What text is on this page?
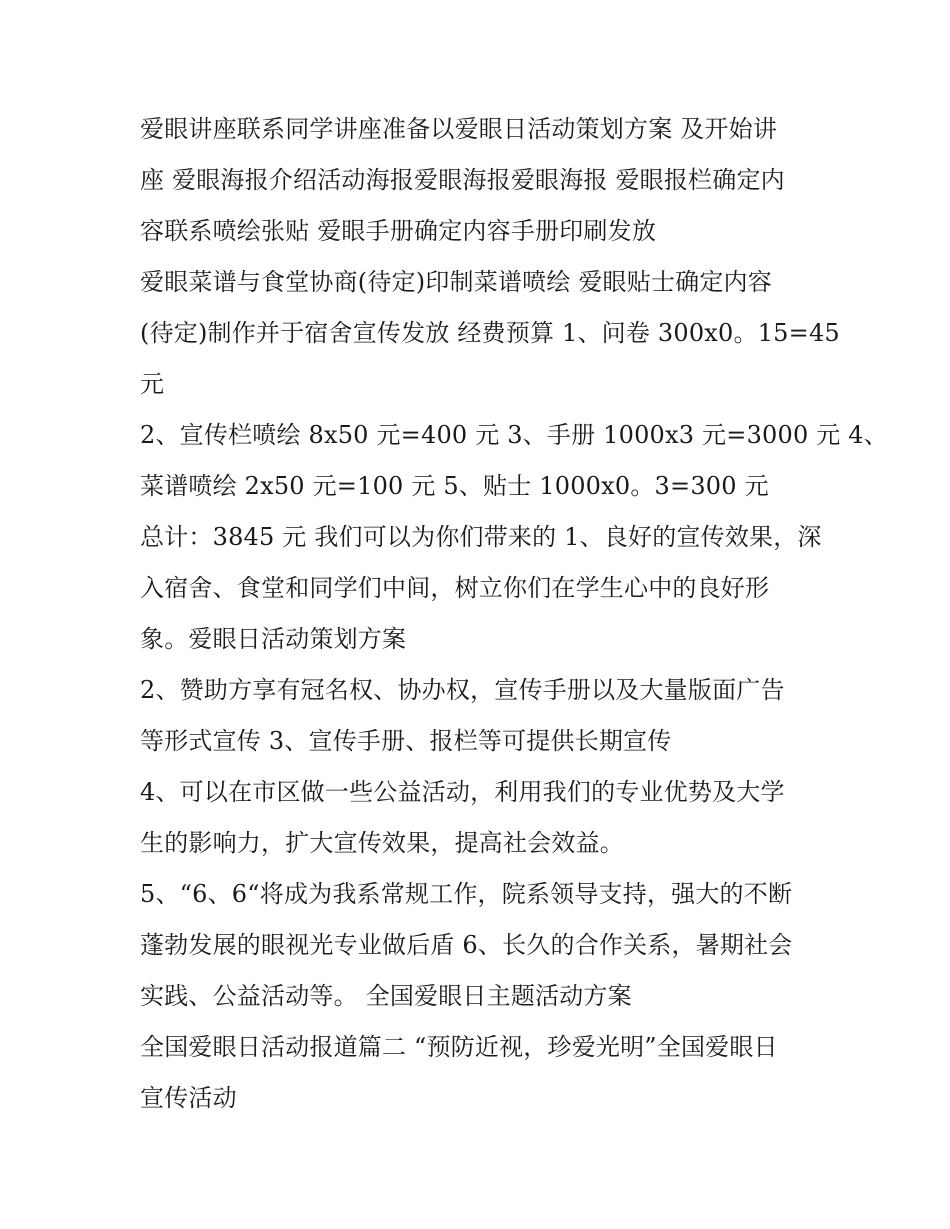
爱眼讲座联系同学讲座准备以爱眼日活动策划方案 及开始讲
座 爱眼海报介绍活动海报爱眼海报爱眼海报 爱眼报栏确定内
容联系喷绘张贴 爱眼手册确定内容手册印刷发放
爱眼菜谱与食堂协商(待定)印制菜谱喷绘 爱眼贴士确定内容
(待定)制作并于宿舍宣传发放 经费预算 1、问卷 300x0。15=45
元
2、宣传栏喷绘 8x50 元=400 元 3、手册 1000x3 元=3000 元 4、
菜谱喷绘 2x50 元=100 元 5、贴士 1000x0。3=300 元
总计：3845 元 我们可以为你们带来的 1、良好的宣传效果，深
入宿舍、食堂和同学们中间，树立你们在学生心中的良好形
象。爱眼日活动策划方案
2、赞助方享有冠名权、协办权，宣传手册以及大量版面广告
等形式宣传 3、宣传手册、报栏等可提供长期宣传
4、可以在市区做一些公益活动，利用我们的专业优势及大学
生的影响力，扩大宣传效果，提高社会效益。
5、“6、6“将成为我系常规工作，院系领导支持，强大的不断
蓬勃发展的眼视光专业做后盾 6、长久的合作关系，暑期社会
实践、公益活动等。 全国爱眼日主题活动方案
全国爱眼日活动报道篇二 “预防近视，珍爱光明”全国爱眼日
宣传活动
